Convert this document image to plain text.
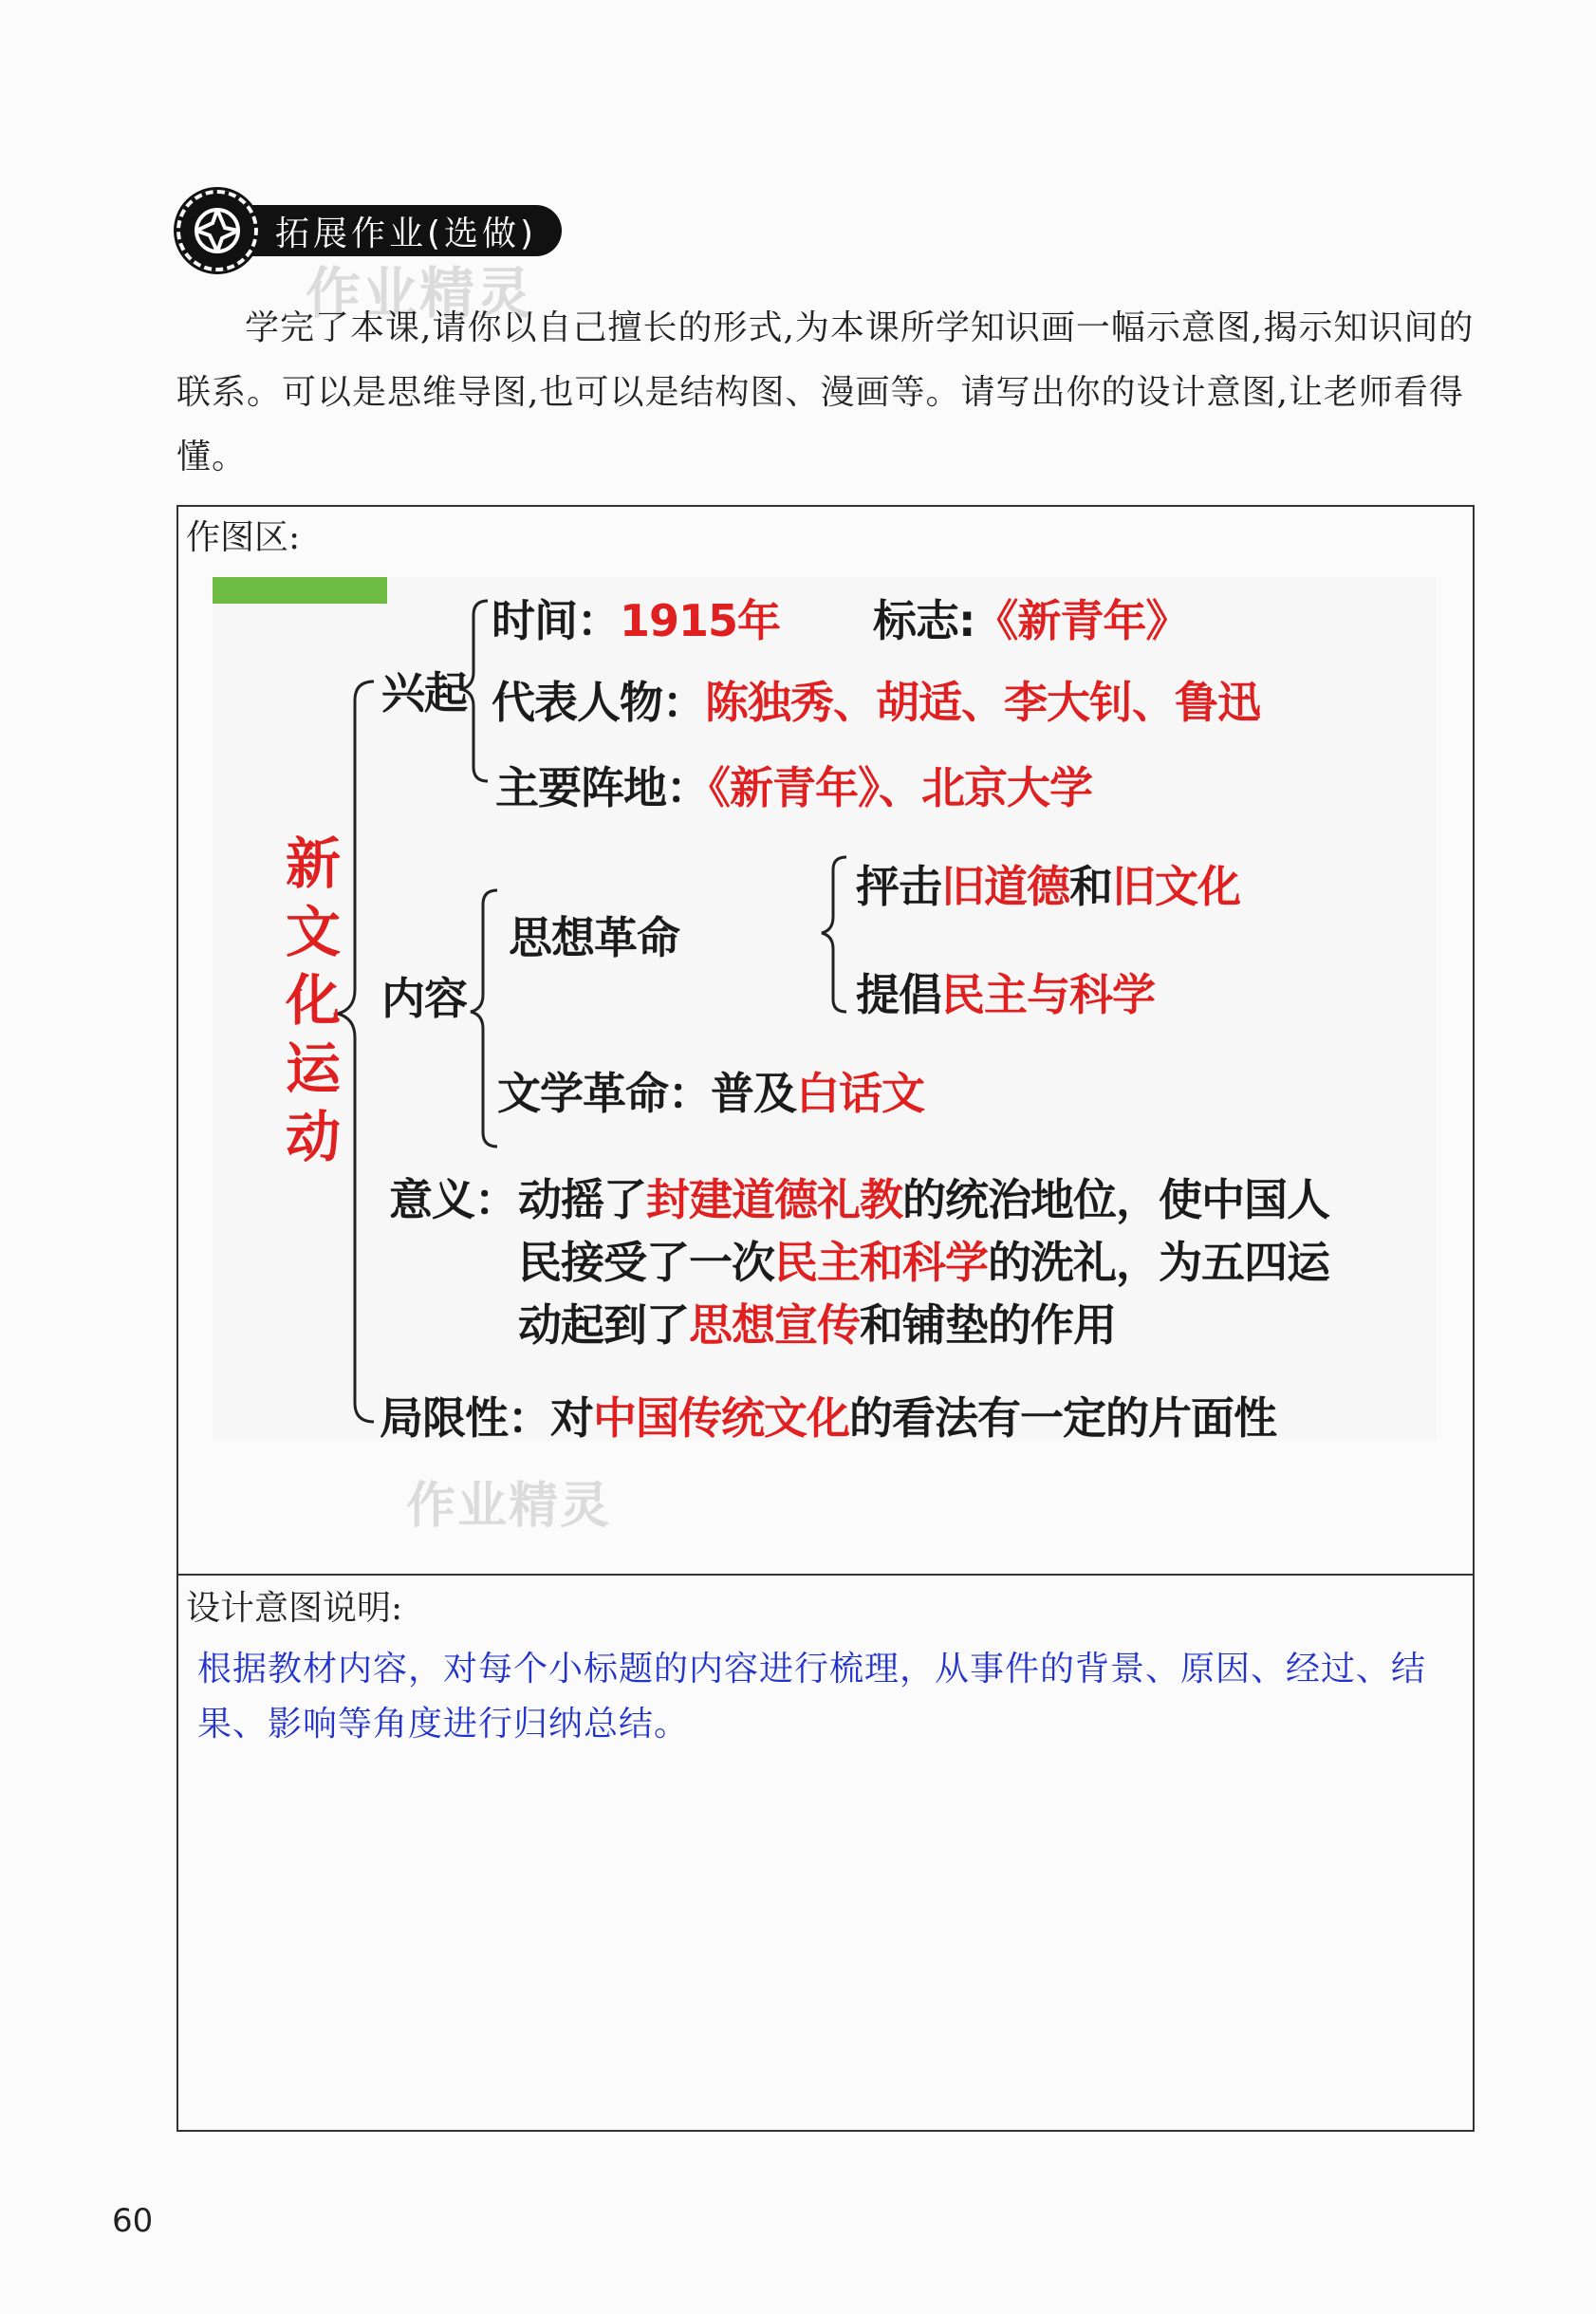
拓展作业(选做)
作业精灵
学完了本课,请你以自己擅长的形式,为本课所学知识画一幅示意图,揭示知识间的联系。可以是思维导图,也可以是结构图、漫画等。请写出你的设计意图,让老师看得懂。
作图区:
新文化运动
兴起
时间：1915年 标志:《新青年》
代表人物：陈独秀、胡适、李大钊、鲁迅
主要阵地：《新青年》、北京大学
内容
思想革命
抨击旧道德和旧文化
提倡民主与科学
文学革命：普及白话文
意义： 动摇了封建道德礼教的统治地位，使中国人
民接受了一次民主和科学的洗礼，为五四运
动起到了思想宣传和铺垫的作用
局限性：对中国传统文化的看法有一定的片面性
作业精灵
设计意图说明:
根据教材内容，对每个小标题的内容进行梳理，从事件的背景、原因、经过、结果、影响等角度进行归纳总结。
60
